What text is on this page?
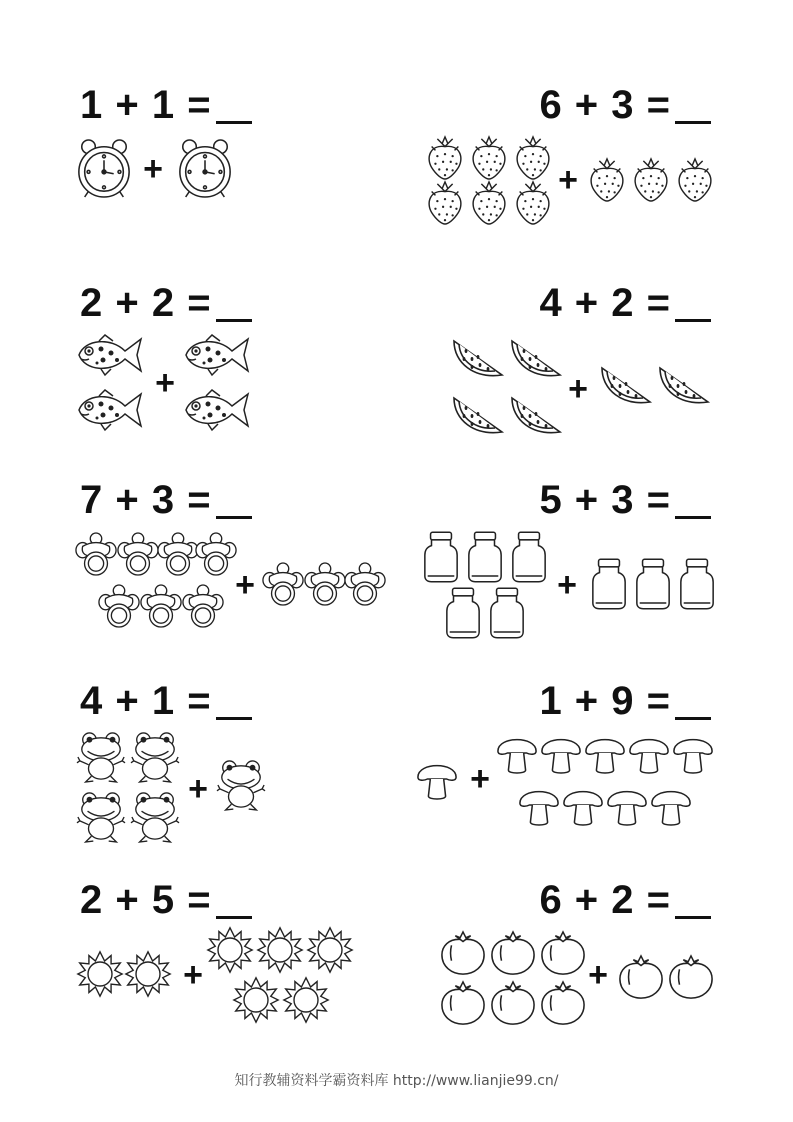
1 + 1 =	6 + 3 =
2 + 2 =	4 + 2 =
7 + 3 =	5 + 3 =
4 + 1 =	1 + 9 =
2 + 5 =	6 + 2 =
+	+
+	+
+	+
+	+
+	+
知行教辅资料学霸资料库 http://www.lianjie99.cn/
